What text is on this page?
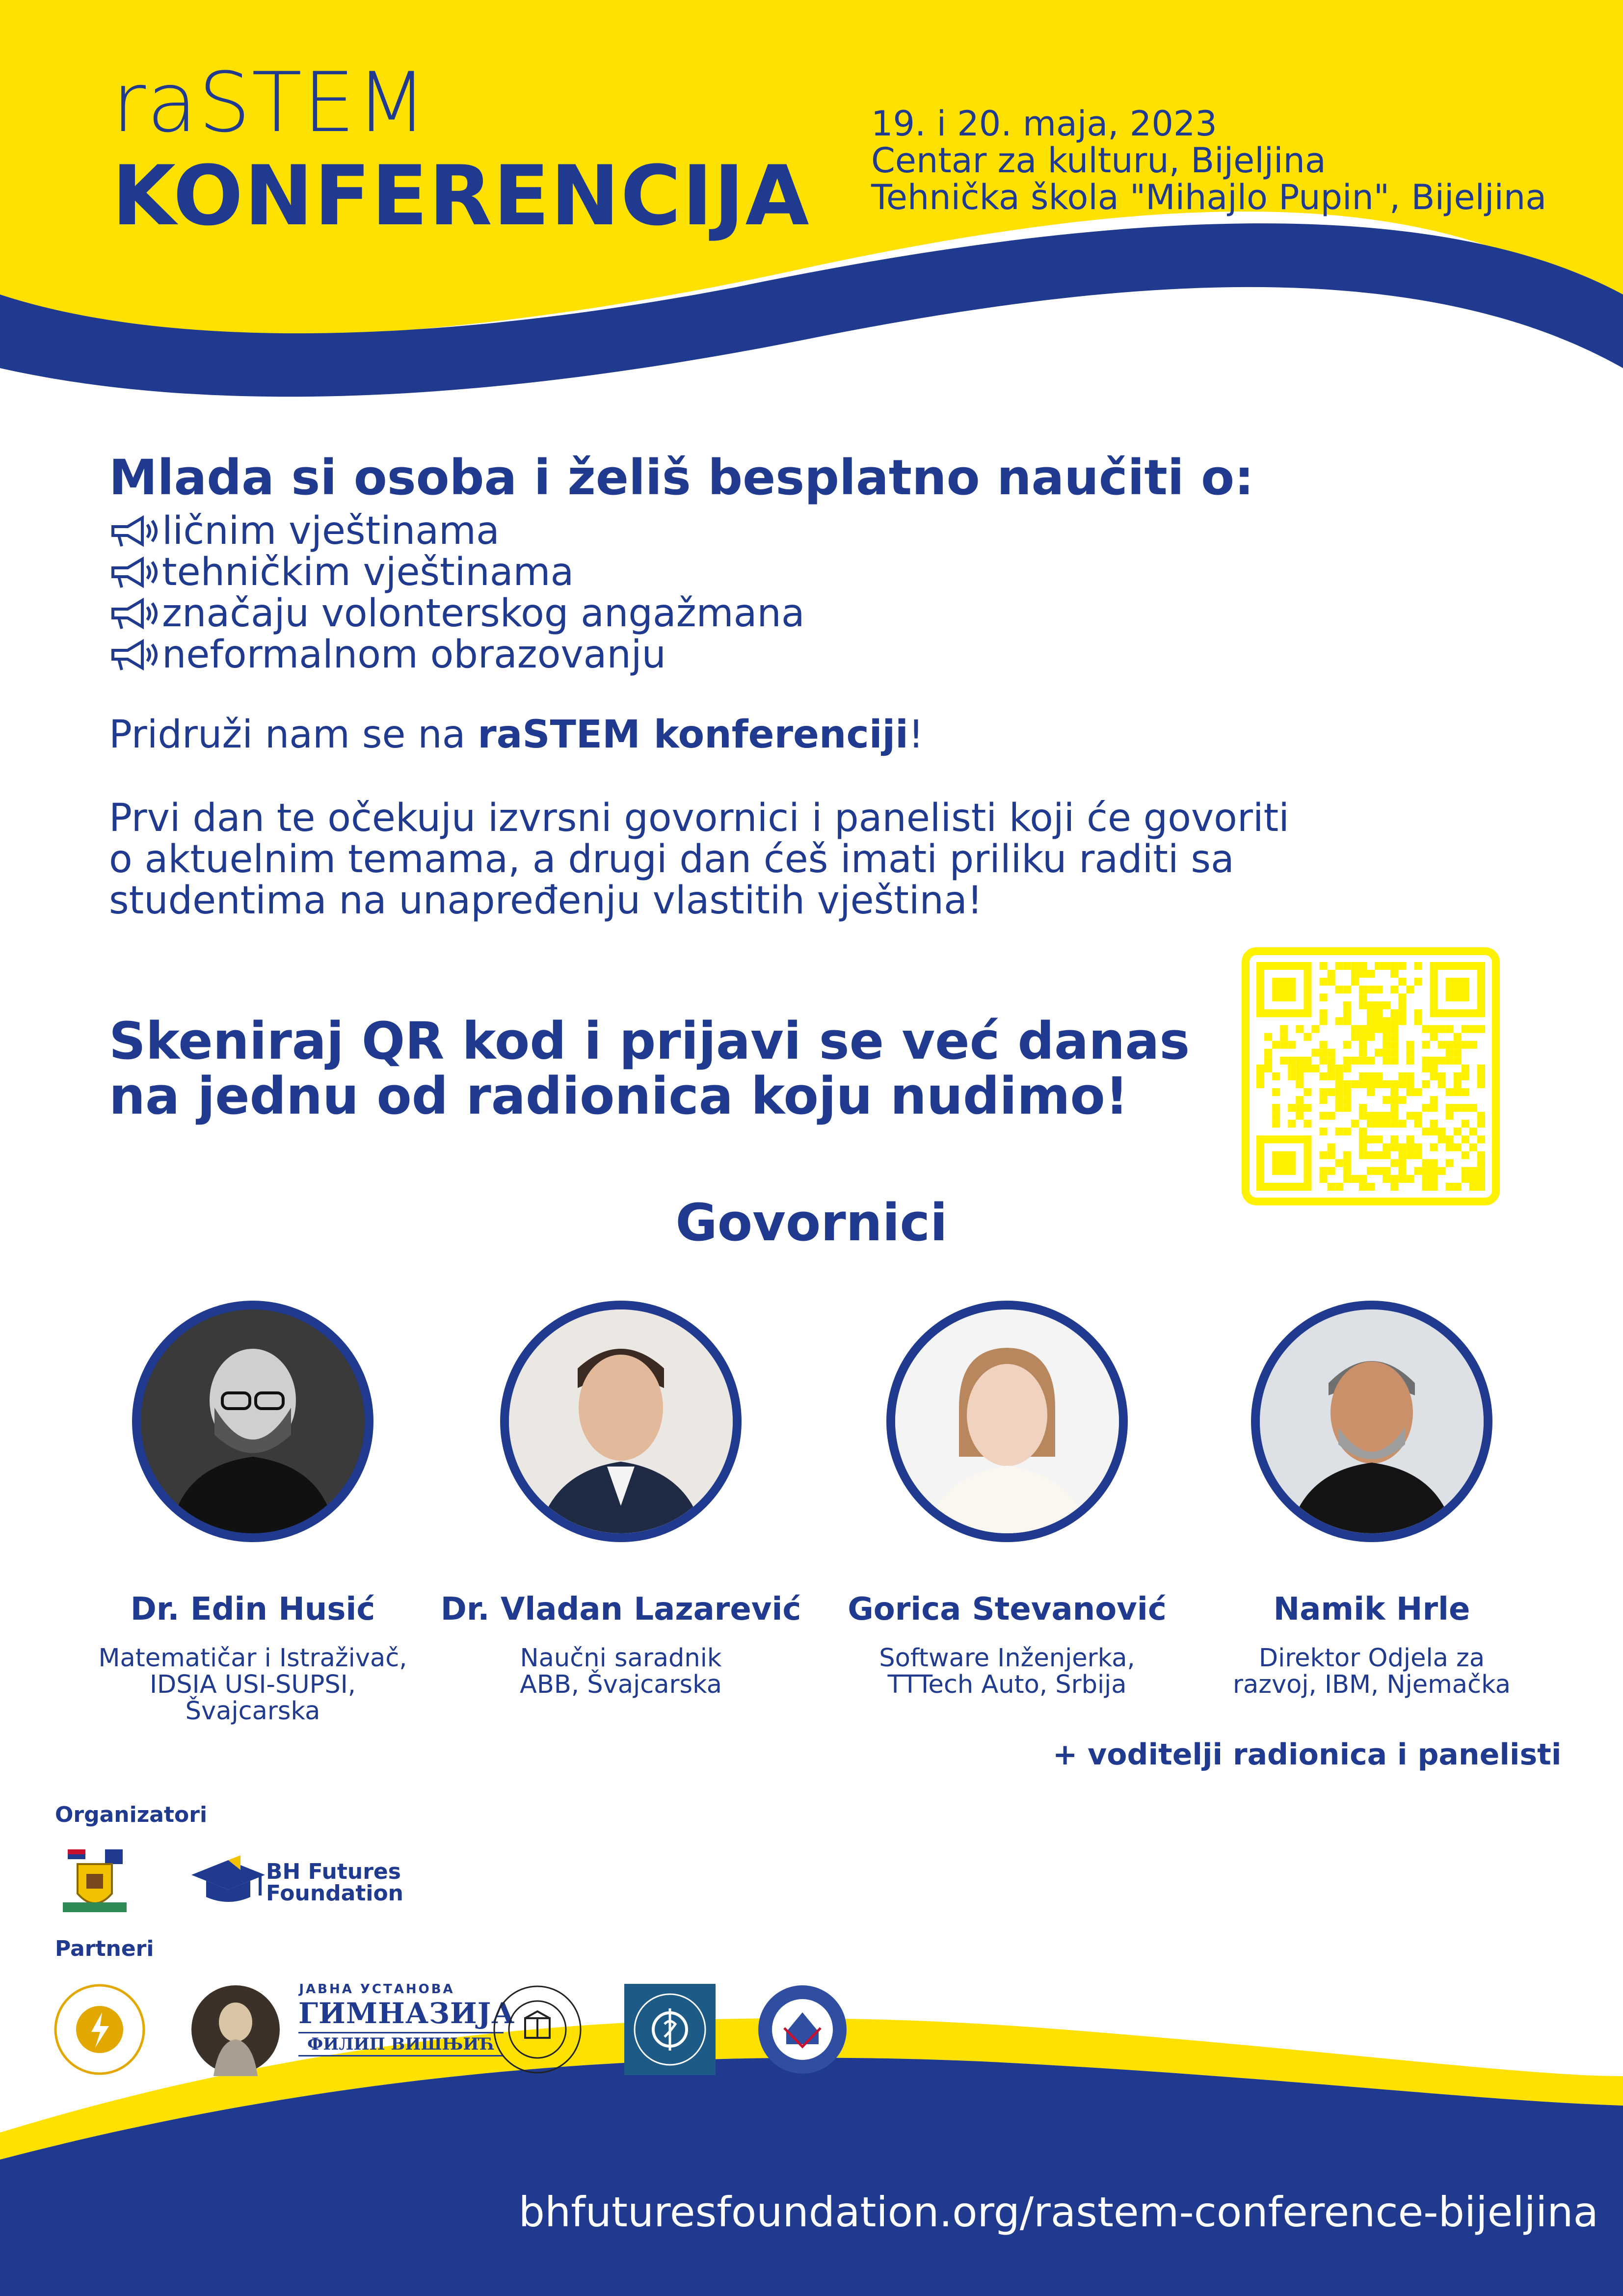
raSTEM
KONFERENCIJA
19. i 20. maja, 2023
Centar za kulturu, Bijeljina
Tehnička škola "Mihajlo Pupin", Bijeljina
Mlada si osoba i želiš besplatno naučiti o:
ličnim vještinama
tehničkim vještinama
značaju volonterskog angažmana
neformalnom obrazovanju
Pridruži nam se na raSTEM konferenciji!
Prvi dan te očekuju izvrsni govornici i panelisti koji će govoriti
o aktuelnim temama, a drugi dan ćeš imati priliku raditi sa
studentima na unapređenju vlastitih vještina!
Skeniraj QR kod i prijavi se već danas
na jednu od radionica koju nudimo!
Govornici
Dr. Edin Husić
Matematičar i Istraživač,
IDSIA USI-SUPSI,
Švajcarska
Dr. Vladan Lazarević
Naučni saradnik
ABB, Švajcarska
Gorica Stevanović
Software Inženjerka,
TTTech Auto, Srbija
Namik Hrle
Direktor Odjela za
razvoj, IBM, Njemačka
+ voditelji radionica i panelisti
Organizatori
BH Futures
Foundation
Partneri
ЈАВНА УСТАНОВА
ГИМНАЗИЈА
ФИЛИП ВИШЊИЋ
bhfuturesfoundation.org/rastem-conference-bijeljina
